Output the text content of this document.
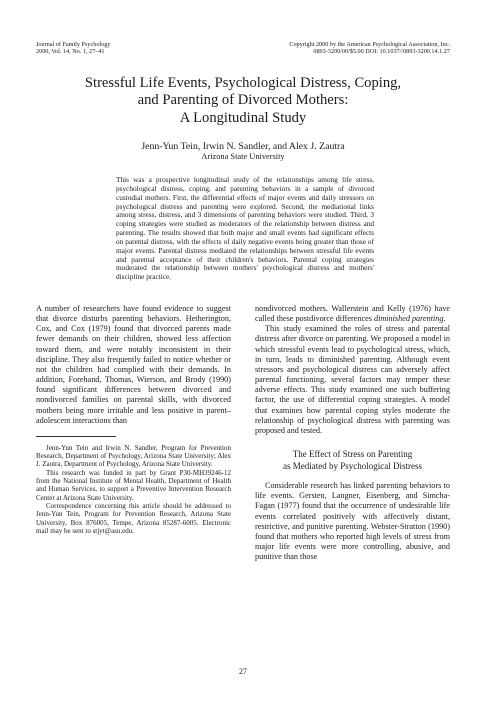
Journal of Family Psychology
2000, Vol. 14, No. 1, 27–41
Copyright 2000 by the American Psychological Association, Inc.
0893-3200/00/$5.00 DOI: 10.1037//0893-3200.14.1.27
Stressful Life Events, Psychological Distress, Coping,
and Parenting of Divorced Mothers:
A Longitudinal Study
Jenn-Yun Tein, Irwin N. Sandler, and Alex J. Zautra
Arizona State University

This was a prospective longitudinal study of the relationships among life stress, psychological distress, coping, and parenting behaviors in a sample of divorced custodial mothers. First, the differential effects of major events and daily stressors on psychological distress and parenting were explored. Second, the mediational links among stress, distress, and 3 dimensions of parenting behaviors were studied. Third, 3 coping strategies were studied as moderators of the relationship between distress and parenting. The results showed that both major and small events had significant effects on parental distress, with the effects of daily negative events being greater than those of major events. Parental distress mediated the relationships between stressful life events and parental acceptance of their children's behaviors. Parental coping strategies moderated the relationship between mothers' psychological distress and mothers' discipline practice.

A number of researchers have found evidence to suggest that divorce disturbs parenting behaviors. Hetherington, Cox, and Cox (1979) found that divorced parents made fewer demands on their children, showed less affection toward them, and were notably inconsistent in their discipline. They also frequently failed to notice whether or not the children had complied with their demands. In addition, Forehand, Thomas, Wierson, and Brody (1990) found significant differences between divorced and nondivorced families on parental skills, with divorced mothers being more irritable and less positive in parent–adolescent interactions than

Jenn-Yun Tein and Irwin N. Sandler, Program for Prevention Research, Department of Psychology, Arizona State University; Alex J. Zautra, Department of Psychology, Arizona State University.

This research was funded in part by Grant P30-MH39246-12 from the National Institute of Mental Health, Department of Health and Human Services, to support a Preventive Intervention Research Center at Arizona State University.

Correspondence concerning this article should be addressed to Jenn-Yun Tein, Program for Prevention Research, Arizona State University, Box 876005, Tempe, Arizona 85287-6005. Electronic mail may be sent to stjyt@asu.edu.

nondivorced mothers. Wallerstein and Kelly (1976) have called these postdivorce differences diminished parenting.

This study examined the roles of stress and parental distress after divorce on parenting. We proposed a model in which stressful events lead to psychological stress, which, in turn, leads to diminished parenting. Although event stressors and psychological distress can adversely affect parental functioning, several factors may temper these adverse effects. This study examined one such buffering factor, the use of differential coping strategies. A model that examines how parental coping styles moderate the relationship of psychological distress with parenting was proposed and tested.

The Effect of Stress on Parenting
as Mediated by Psychological Distress

Considerable research has linked parenting behaviors to life events. Gersten, Langner, Eisenberg, and Simcha-Fagan (1977) found that the occurrence of undesirable life events correlated positively with affectively distant, restrictive, and punitive parenting. Webster-Stratton (1990) found that mothers who reported high levels of stress from major life events were more controlling, abusive, and punitive than those

27
